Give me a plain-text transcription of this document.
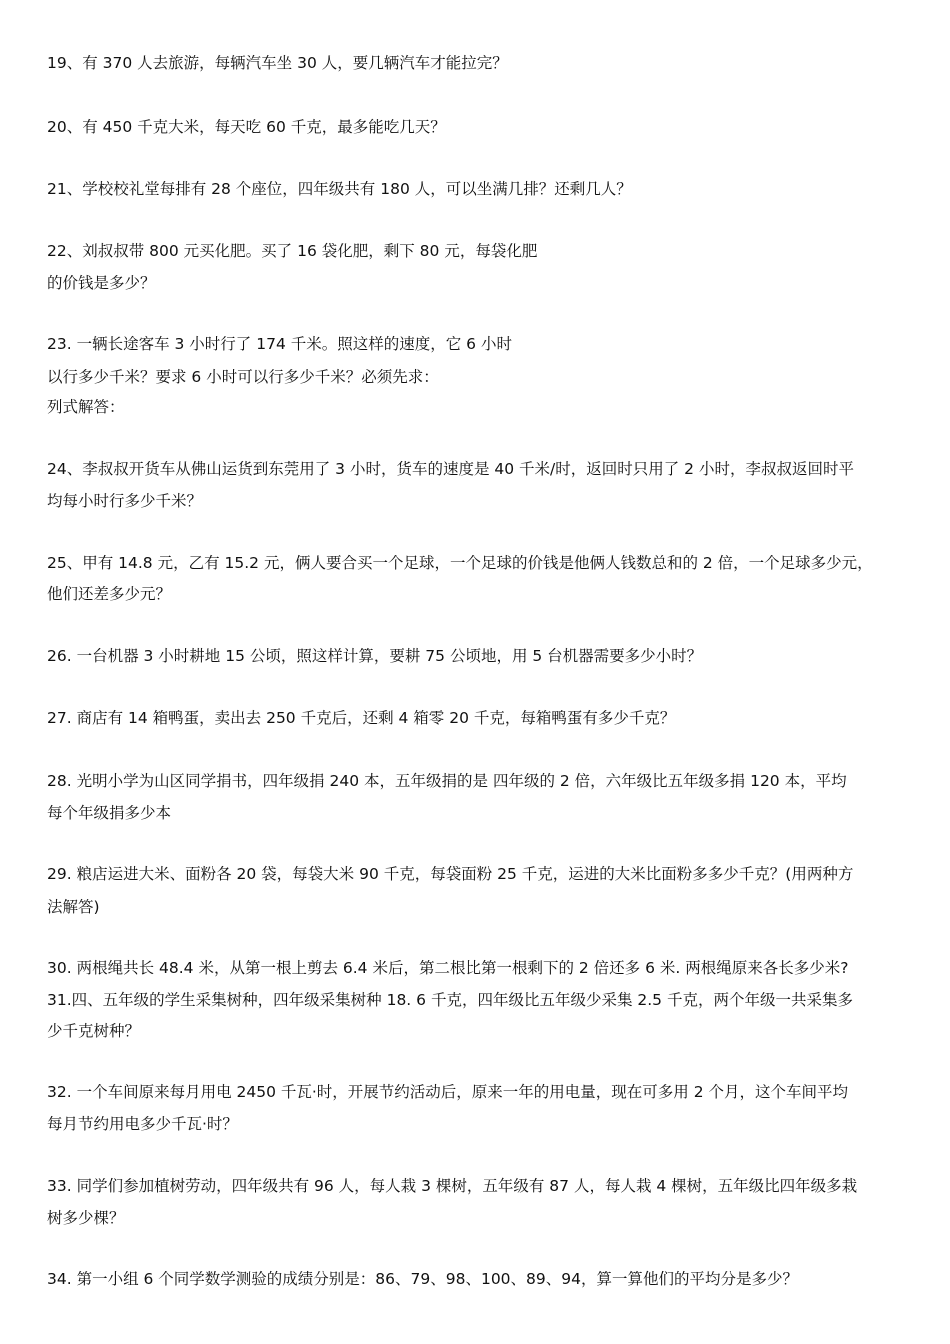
19、有 370 人去旅游，每辆汽车坐 30 人，要几辆汽车才能拉完？
20、有 450 千克大米，每天吃 60 千克，最多能吃几天？
21、学校校礼堂每排有 28 个座位，四年级共有 180 人，可以坐满几排？还剩几人？
22、刘叔叔带 800 元买化肥。买了 16 袋化肥，剩下 80 元，每袋化肥
的价钱是多少？
23. 一辆长途客车 3 小时行了 174 千米。照这样的速度，它 6 小时
以行多少千米？要求 6 小时可以行多少千米？必须先求：
列式解答：
24、李叔叔开货车从佛山运货到东莞用了 3 小时，货车的速度是 40 千米/时，返回时只用了 2 小时，李叔叔返回时平
均每小时行多少千米？
25、甲有 14.8 元，乙有 15.2 元，俩人要合买一个足球，一个足球的价钱是他俩人钱数总和的 2 倍，一个足球多少元，
他们还差多少元？
26. 一台机器 3 小时耕地 15 公顷，照这样计算，要耕 75 公顷地，用 5 台机器需要多少小时？
27. 商店有 14 箱鸭蛋，卖出去 250 千克后，还剩 4 箱零 20 千克，每箱鸭蛋有多少千克？
28. 光明小学为山区同学捐书，四年级捐 240 本，五年级捐的是 四年级的 2 倍，六年级比五年级多捐 120 本，平均
每个年级捐多少本
29. 粮店运进大米、面粉各 20 袋，每袋大米 90 千克，每袋面粉 25 千克，运进的大米比面粉多多少千克？(用两种方
法解答)
30. 两根绳共长 48.4 米，从第一根上剪去 6.4 米后，第二根比第一根剩下的 2 倍还多 6 米. 两根绳原来各长多少米?
31.四、五年级的学生采集树种，四年级采集树种 18. 6 千克，四年级比五年级少采集 2.5 千克，两个年级一共采集多
少千克树种？
32. 一个车间原来每月用电 2450 千瓦·时，开展节约活动后，原来一年的用电量，现在可多用 2 个月，这个车间平均
每月节约用电多少千瓦·时？
33. 同学们参加植树劳动，四年级共有 96 人，每人栽 3 棵树，五年级有 87 人，每人栽 4 棵树，五年级比四年级多栽
树多少棵？
34. 第一小组 6 个同学数学测验的成绩分别是：86、79、98、100、89、94，算一算他们的平均分是多少？
